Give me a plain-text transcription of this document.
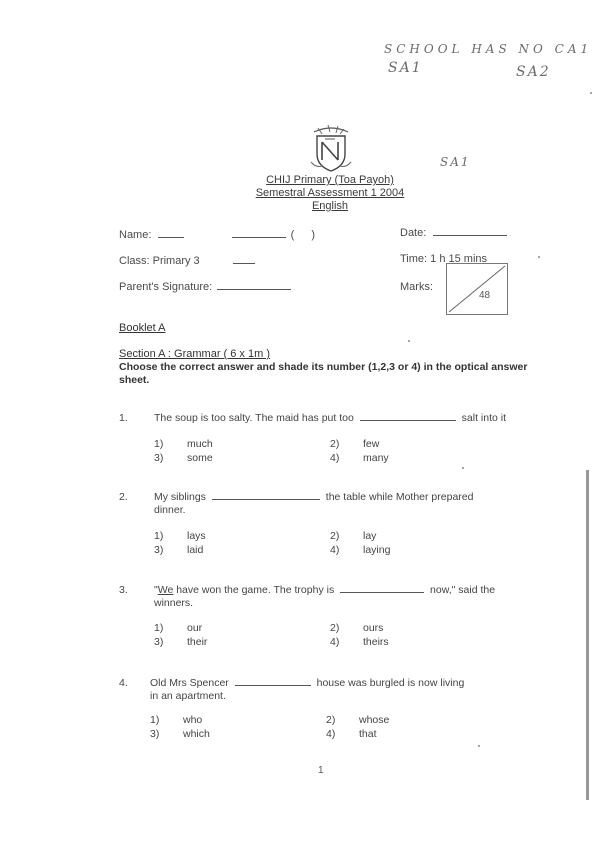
SCHOOL HAS NO CA1
SA1	SA2
SA1
CHIJ Primary (Toa Payoh)
Semestral Assessment 1 2004
English
Name:	( )	Date:
Class: Primary 3	Time: 1 h 15 mins
Parent's Signature:	Marks:
48
Booklet A
Section A : Grammar ( 6 x 1m )
Choose the correct answer and shade its number (1,2,3 or 4) in the optical answer sheet.
1. The soup is too salty. The maid has put too	salt into it
1) much	2) few
3) some	4) many
2. My siblings	the table while Mother prepared
dinner.
1) lays	2) lay
3) laid	4) laying
3. "We have won the game. The trophy is	now," said the
winners.
1) our	2) ours
3) their	4) theirs
4. Old Mrs Spencer	house was burgled is now living
in an apartment.
1) who	2) whose
3) which	4) that
1
